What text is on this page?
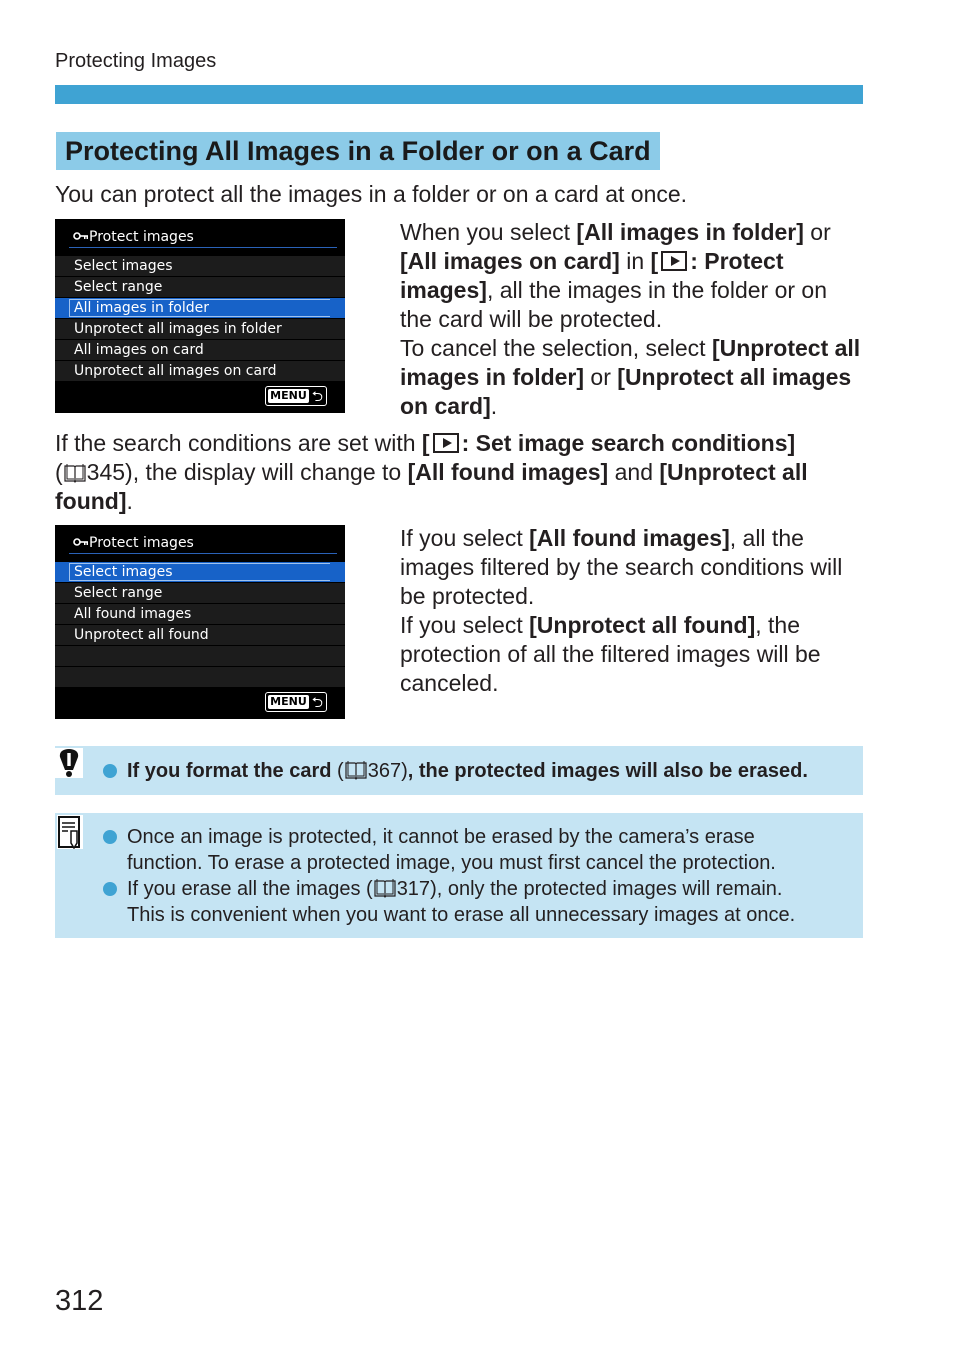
Protecting Images
Protecting All Images in a Folder or on a Card
You can protect all the images in a folder or on a card at once.
Protect images
Select images
Select range
All images in folder
Unprotect all images in folder
All images on card
Unprotect all images on card
MENU ⮌
When you select [All images in folder] or [All images on card] in [ : Protect images], all the images in the folder or on the card will be protected.
To cancel the selection, select [Unprotect all images in folder] or [Unprotect all images on card].
If the search conditions are set with [ : Set image search conditions]
( 345), the display will change to [All found images] and [Unprotect all found].
Protect images
Select images
Select range
All found images
Unprotect all found
MENU ⮌
If you select [All found images], all the images filtered by the search conditions will be protected.
If you select [Unprotect all found], the protection of all the filtered images will be canceled.
If you format the card ( 367), the protected images will also be erased.
Once an image is protected, it cannot be erased by the camera’s erase
function. To erase a protected image, you must first cancel the protection.
If you erase all the images ( 317), only the protected images will remain.
This is convenient when you want to erase all unnecessary images at once.
312
